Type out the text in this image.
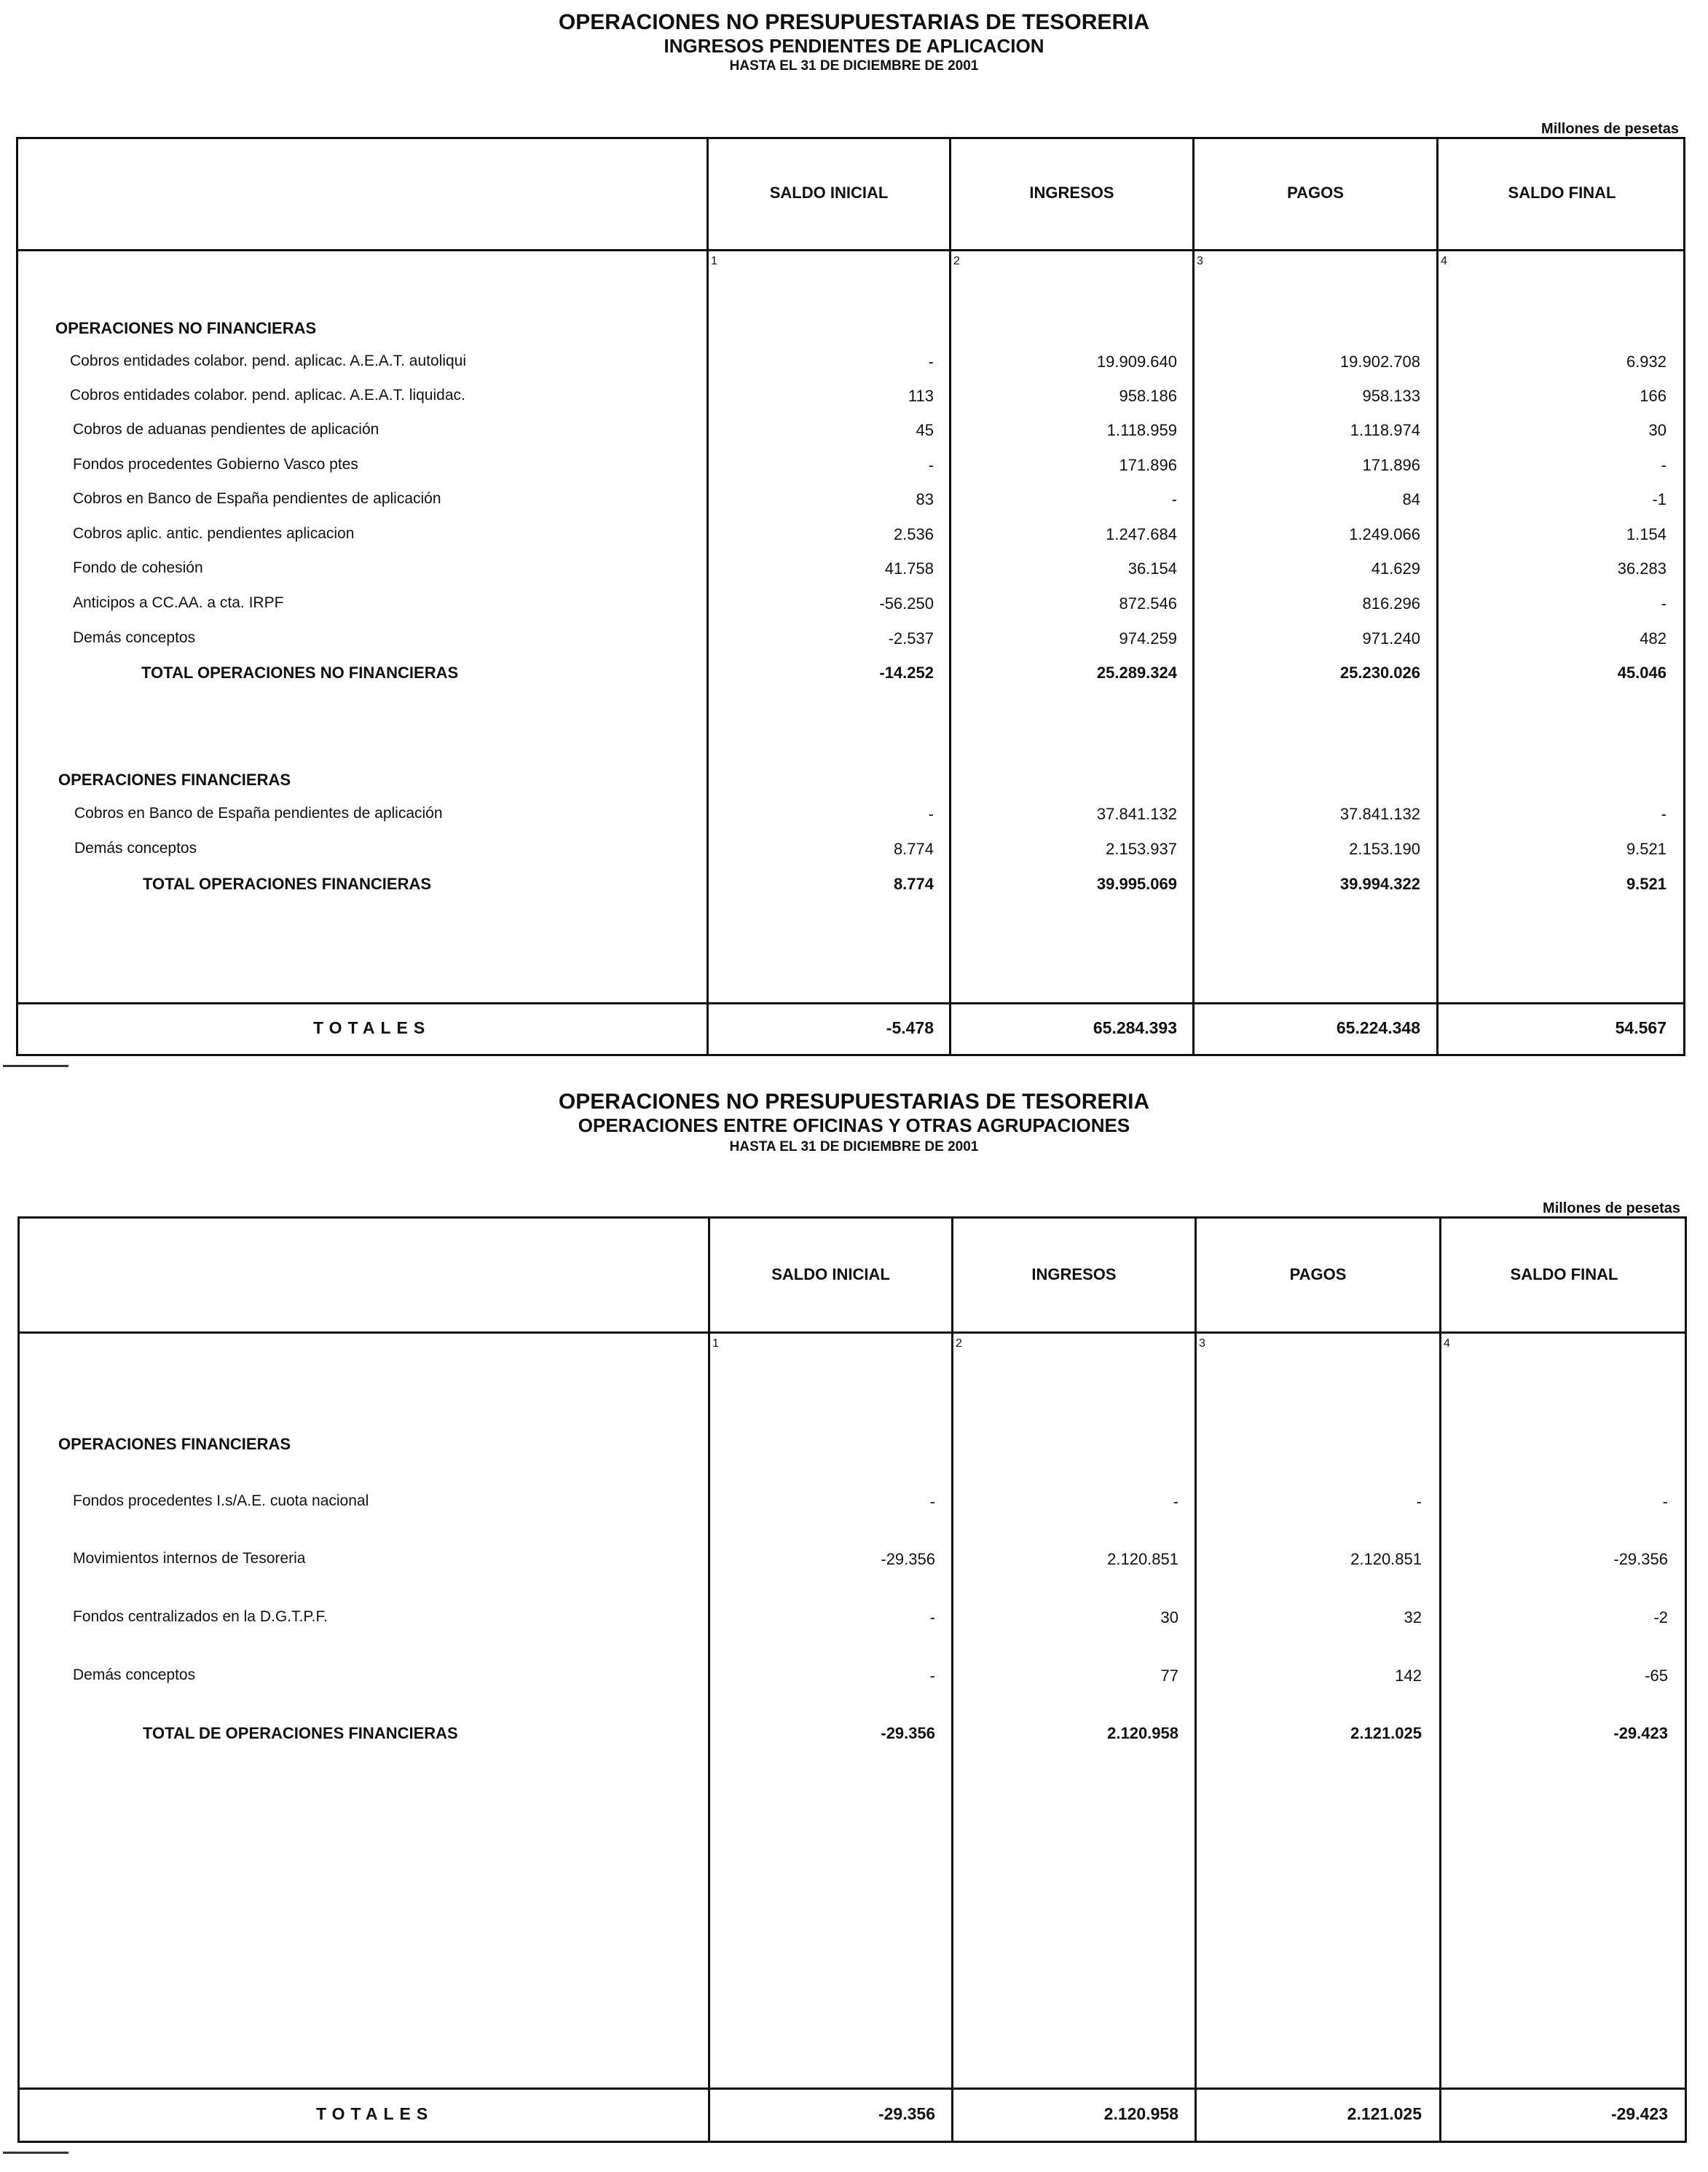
OPERACIONES NO PRESUPUESTARIAS DE TESORERIA
INGRESOS PENDIENTES DE APLICACION
HASTA EL 31 DE DICIEMBRE DE 2001
Millones de pesetas
SALDO INICIAL	INGRESOS	PAGOS	SALDO FINAL
1	2	3	4
OPERACIONES NO FINANCIERAS
Cobros entidades colabor. pend. aplicac. A.E.A.T. autoliqui	-	19.909.640	19.902.708	6.932
Cobros entidades colabor. pend. aplicac. A.E.A.T. liquidac.	113	958.186	958.133	166
Cobros de aduanas pendientes de aplicación	45	1.118.959	1.118.974	30
Fondos procedentes Gobierno Vasco ptes	-	171.896	171.896	-
Cobros en Banco de España pendientes de aplicación	83	-	84	-1
Cobros aplic. antic. pendientes aplicacion	2.536	1.247.684	1.249.066	1.154
Fondo de cohesión	41.758	36.154	41.629	36.283
Anticipos a CC.AA. a cta. IRPF	-56.250	872.546	816.296	-
Demás conceptos	-2.537	974.259	971.240	482
TOTAL OPERACIONES NO FINANCIERAS	-14.252	25.289.324	25.230.026	45.046
OPERACIONES FINANCIERAS
Cobros en Banco de España pendientes de aplicación	-	37.841.132	37.841.132	-
Demás conceptos	8.774	2.153.937	2.153.190	9.521
TOTAL OPERACIONES FINANCIERAS	8.774	39.995.069	39.994.322	9.521
TOTALES	-5.478	65.284.393	65.224.348	54.567
OPERACIONES NO PRESUPUESTARIAS DE TESORERIA
OPERACIONES ENTRE OFICINAS Y OTRAS AGRUPACIONES
HASTA EL 31 DE DICIEMBRE DE 2001
Millones de pesetas
SALDO INICIAL	INGRESOS	PAGOS	SALDO FINAL
1	2	3	4
OPERACIONES FINANCIERAS
Fondos procedentes I.s/A.E. cuota nacional	-	-	-	-
Movimientos internos de Tesoreria	-29.356	2.120.851	2.120.851	-29.356
Fondos centralizados en la D.G.T.P.F.	-	30	32	-2
Demás conceptos	-	77	142	-65
TOTAL DE OPERACIONES FINANCIERAS	-29.356	2.120.958	2.121.025	-29.423
TOTALES	-29.356	2.120.958	2.121.025	-29.423
